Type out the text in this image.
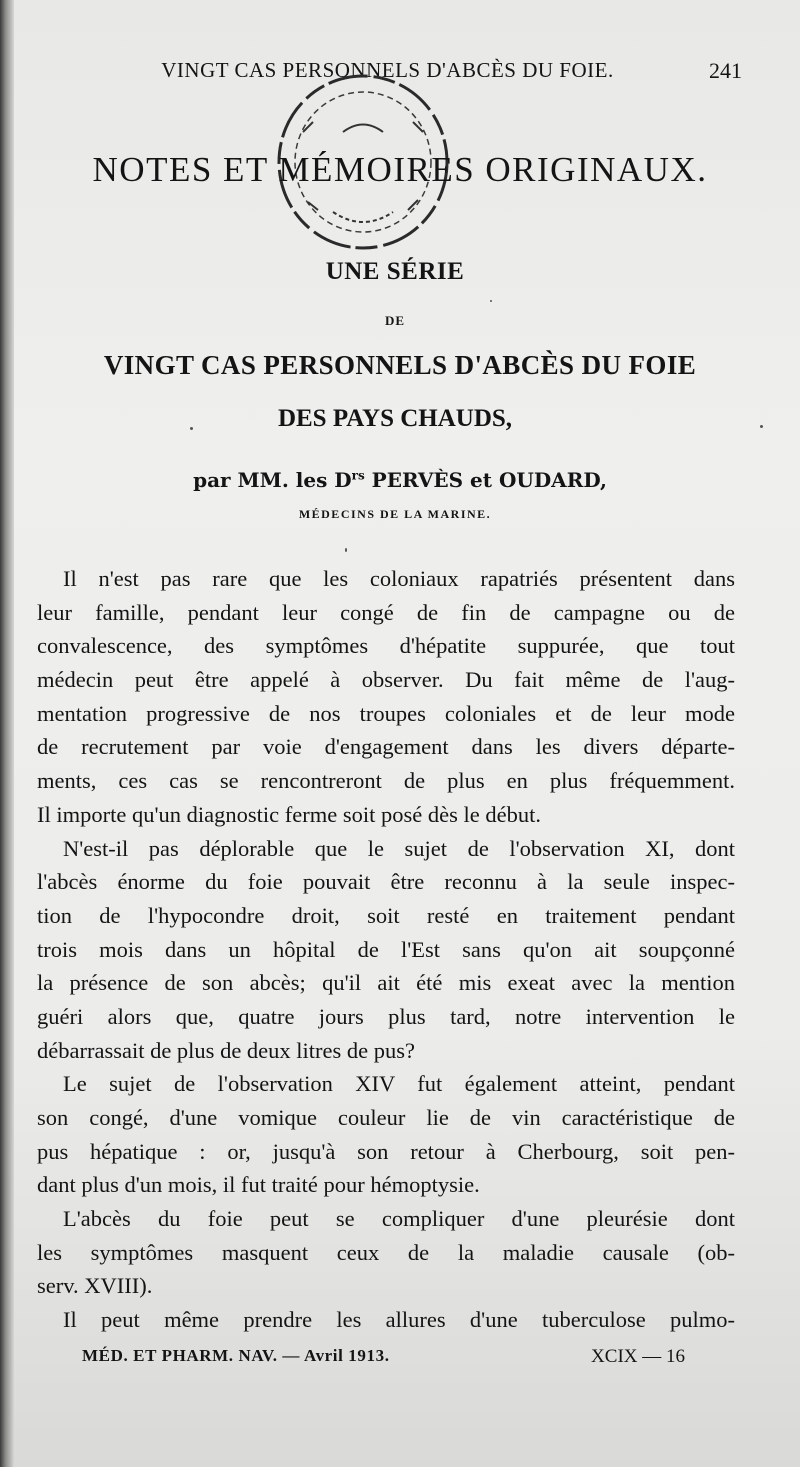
VINGT CAS PERSONNELS D'ABCÈS DU FOIE.	241
NOTES ET MÉMOIRES ORIGINAUX.
UNE SÉRIE
DE
VINGT CAS PERSONNELS D'ABCÈS DU FOIE
DES PAYS CHAUDS,
par MM. les $D^{rs}$ PERVÈS et OUDARD,
MÉDECINS DE LA MARINE.
Il n'est pas rare que les coloniaux rapatriés présentent dans
leur famille, pendant leur congé de fin de campagne ou de
convalescence, des symptômes d'hépatite suppurée, que tout
médecin peut être appelé à observer. Du fait même de l'aug-
mentation progressive de nos troupes coloniales et de leur mode
de recrutement par voie d'engagement dans les divers départe-
ments, ces cas se rencontreront de plus en plus fréquemment.
Il importe qu'un diagnostic ferme soit posé dès le début.
N'est-il pas déplorable que le sujet de l'observation XI, dont
l'abcès énorme du foie pouvait être reconnu à la seule inspec-
tion de l'hypocondre droit, soit resté en traitement pendant
trois mois dans un hôpital de l'Est sans qu'on ait soupçonné
la présence de son abcès; qu'il ait été mis exeat avec la mention
guéri alors que, quatre jours plus tard, notre intervention le
débarrassait de plus de deux litres de pus?
Le sujet de l'observation XIV fut également atteint, pendant
son congé, d'une vomique couleur lie de vin caractéristique de
pus hépatique : or, jusqu'à son retour à Cherbourg, soit pen-
dant plus d'un mois, il fut traité pour hémoptysie.
L'abcès du foie peut se compliquer d'une pleurésie dont
les symptômes masquent ceux de la maladie causale (ob-
serv. XVIII).
Il peut même prendre les allures d'une tuberculose pulmo-
MÉD. ET PHARM. NAV. — Avril 1913.	XCIX — 16
